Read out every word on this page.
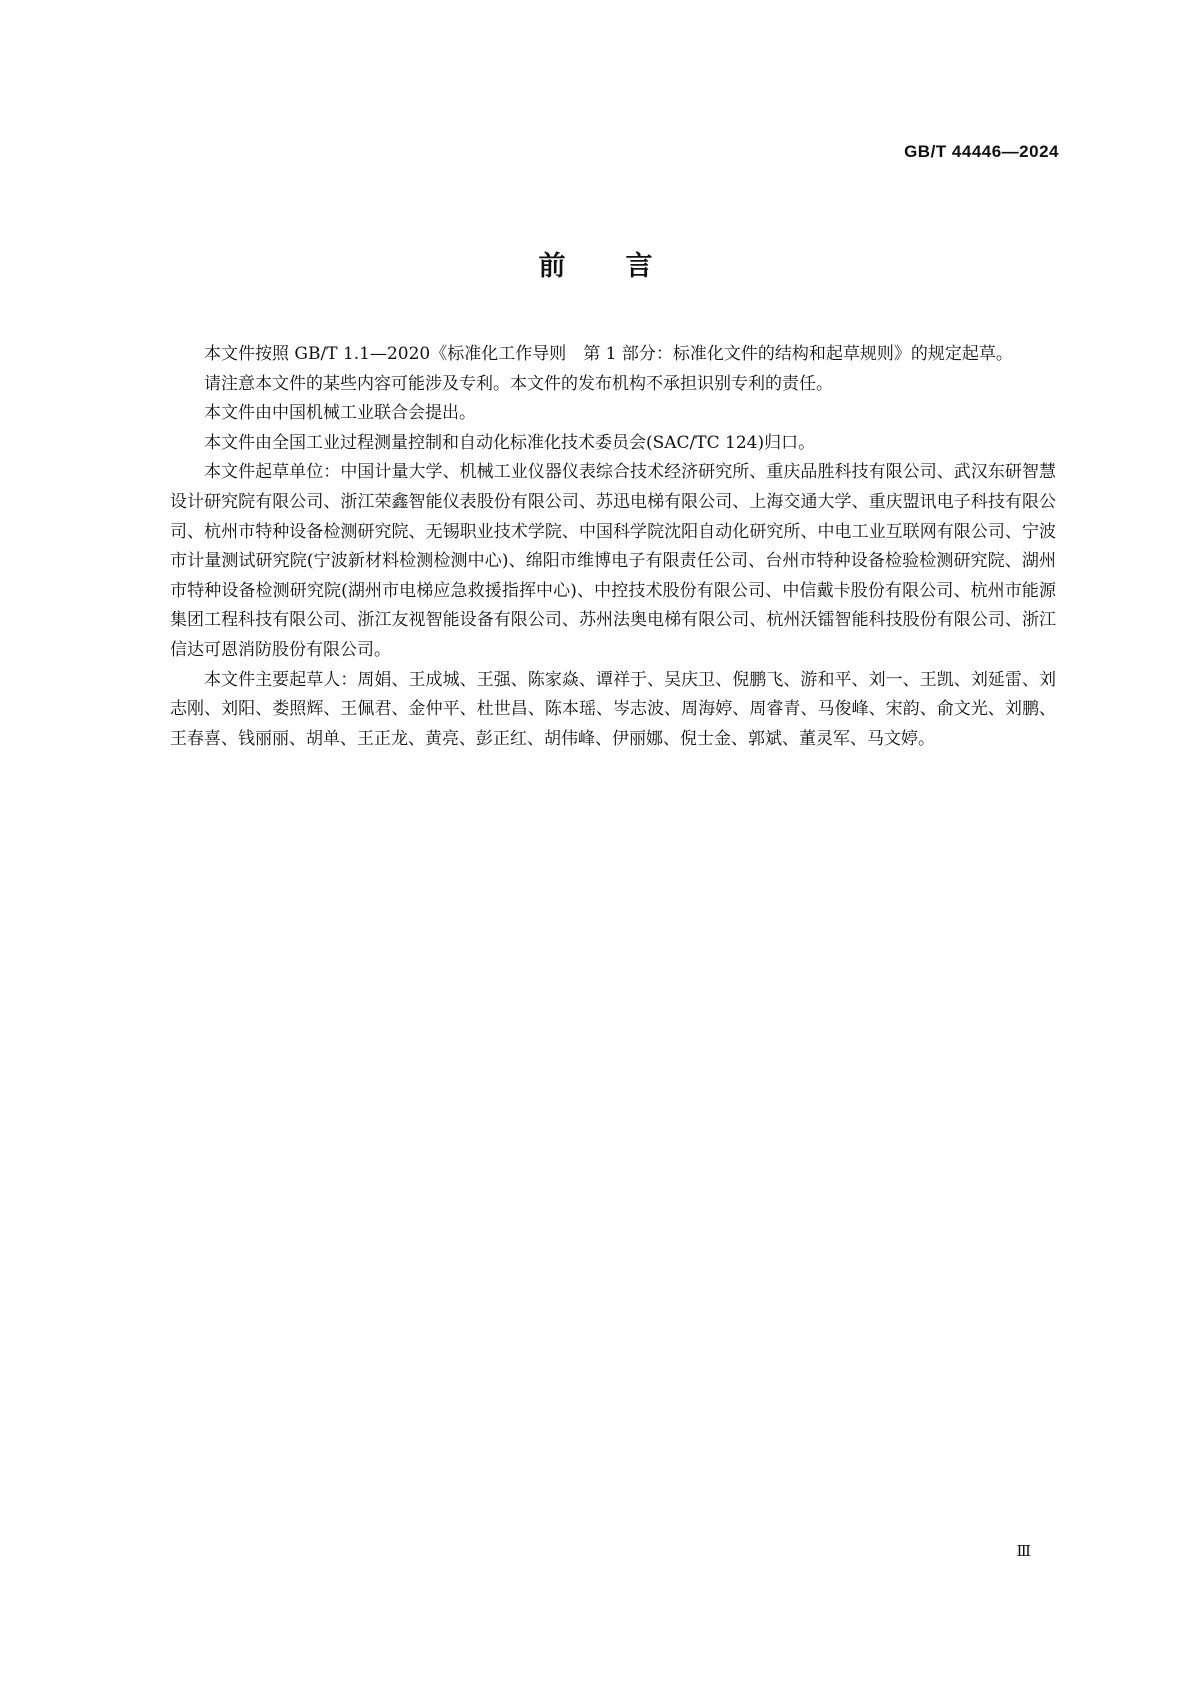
GB/T 44446—2024
前言

本文件按照 GB/T 1.1—2020《标准化工作导则　第 1 部分：标准化文件的结构和起草规则》的规定起草。

请注意本文件的某些内容可能涉及专利。本文件的发布机构不承担识别专利的责任。

本文件由中国机械工业联合会提出。

本文件由全国工业过程测量控制和自动化标准化技术委员会(SAC/TC 124)归口。

本文件起草单位：中国计量大学、机械工业仪器仪表综合技术经济研究所、重庆品胜科技有限公司、武汉东研智慧设计研究院有限公司、浙江荣鑫智能仪表股份有限公司、苏迅电梯有限公司、上海交通大学、重庆盟讯电子科技有限公司、杭州市特种设备检测研究院、无锡职业技术学院、中国科学院沈阳自动化研究所、中电工业互联网有限公司、宁波市计量测试研究院(宁波新材料检测检测中心)、绵阳市维博电子有限责任公司、台州市特种设备检验检测研究院、湖州市特种设备检测研究院(湖州市电梯应急救援指挥中心)、中控技术股份有限公司、中信戴卡股份有限公司、杭州市能源集团工程科技有限公司、浙江友视智能设备有限公司、苏州法奥电梯有限公司、杭州沃镭智能科技股份有限公司、浙江信达可恩消防股份有限公司。

本文件主要起草人：周娟、王成城、王强、陈家焱、谭祥于、吴庆卫、倪鹏飞、游和平、刘一、王凯、刘延雷、刘志刚、刘阳、娄照辉、王佩君、金仲平、杜世昌、陈本瑶、岑志波、周海婷、周睿青、马俊峰、宋韵、俞文光、刘鹏、王春喜、钱丽丽、胡单、王正龙、黄亮、彭正红、胡伟峰、伊丽娜、倪士金、郭斌、董灵军、马文婷。

Ⅲ
